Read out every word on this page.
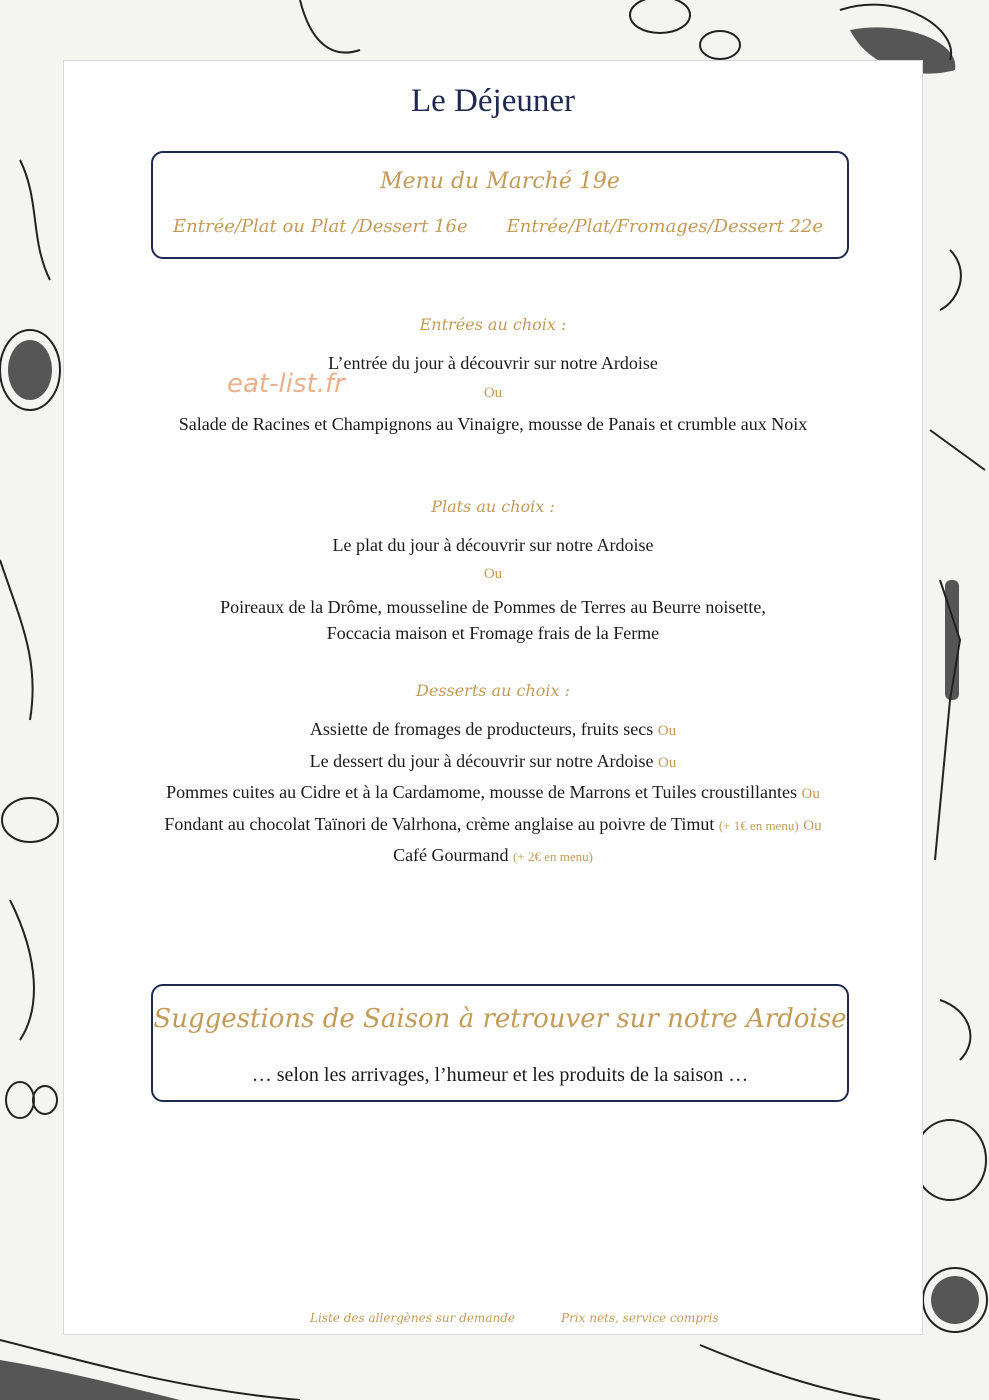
Le Déjeuner
Menu du Marché 19e
Entrée/Plat ou Plat /Dessert 16e Entrée/Plat/Fromages/Dessert 22e
eat-list.fr
Entrées au choix :
L’entrée du jour à découvrir sur notre Ardoise
Ou
Salade de Racines et Champignons au Vinaigre, mousse de Panais et crumble aux Noix
Plats au choix :
Le plat du jour à découvrir sur notre Ardoise
Ou
Poireaux de la Drôme, mousseline de Pommes de Terres au Beurre noisette,
Foccacia maison et Fromage frais de la Ferme
Desserts au choix :
Assiette de fromages de producteurs, fruits secs Ou
Le dessert du jour à découvrir sur notre Ardoise Ou
Pommes cuites au Cidre et à la Cardamome, mousse de Marrons et Tuiles croustillantes Ou
Fondant au chocolat Taïnori de Valrhona, crème anglaise au poivre de Timut (+ 1€ en menu) Ou
Café Gourmand (+ 2€ en menu)
Suggestions de Saison à retrouver sur notre Ardoise
… selon les arrivages, l’humeur et les produits de la saison …
Liste des allergènes sur demande	Prix nets, service compris
